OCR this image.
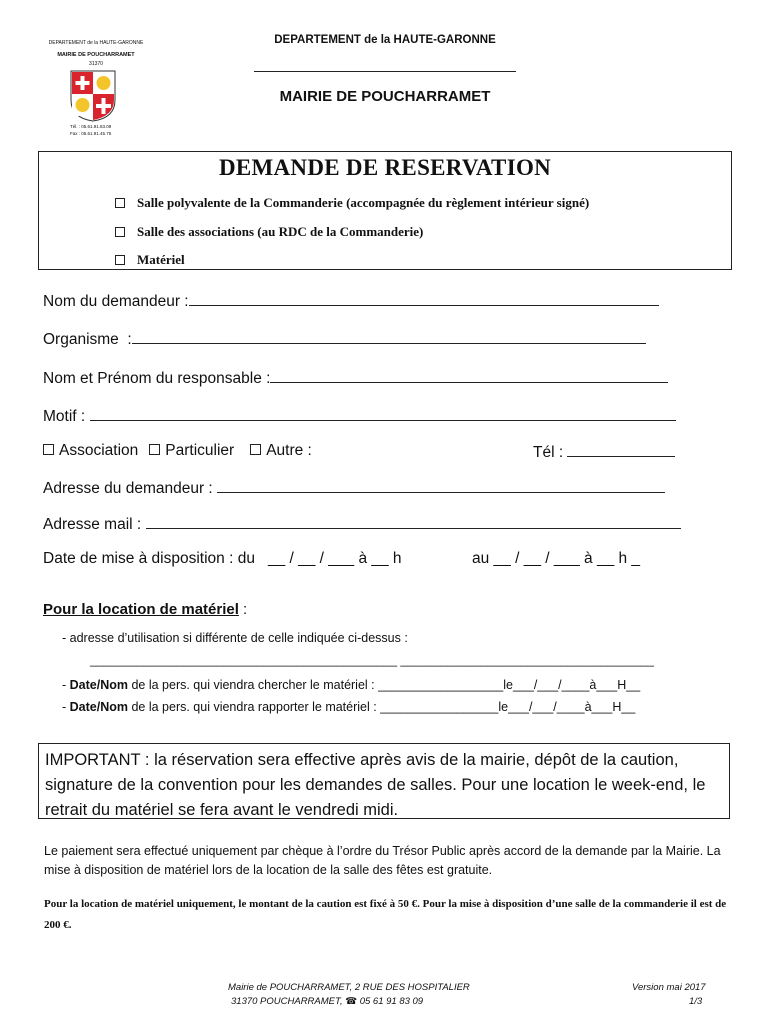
DEPARTEMENT de la HAUTE-GARONNE
MAIRIE DE POUCHARRAMET
31370
Tél. : 05.61.91.83.09
Fax : 05.61.91.45.75
DEPARTEMENT de la HAUTE-GARONNE
MAIRIE DE POUCHARRAMET
DEMANDE DE RESERVATION
Salle polyvalente de la Commanderie (accompagnée du règlement intérieur signé)
Salle des associations (au RDC de la Commanderie)
Matériel
Nom du demandeur :
Organisme  :
Nom et Prénom du responsable :
Motif :
Association Particulier Autre :	Tél :
Adresse du demandeur :
Adresse mail :
Date de mise à disposition : du __ / __ / ___ à __ h	au __ / __ / ___ à __ h _
Pour la location de matériel :
- adresse d’utilisation si différente de celle indiquée ci-dessus :
______________________________________________ ______________________________________
- Date/Nom de la pers. qui viendra chercher le matériel : __________________le___/___/____à___H__
- Date/Nom de la pers. qui viendra rapporter le matériel : _________________le___/___/____à___H__
IMPORTANT : la réservation sera effective après avis de la mairie, dépôt de la caution, signature de la convention pour les demandes de salles. Pour une location le week-end, le retrait du matériel se fera avant le vendredi midi.
Le paiement sera effectué uniquement par chèque à l’ordre du Trésor Public après accord de la demande par la Mairie. La mise à disposition de matériel lors de la location de la salle des fêtes est gratuite.
Pour la location de matériel uniquement, le montant de la caution est fixé à 50 €. Pour la mise à disposition d’une salle de la commanderie il est de 200 €.
Mairie de POUCHARRAMET, 2 RUE DES HOSPITALIER
31370 POUCHARRAMET, ☎ 05 61 91 83 09
Version mai 2017
1/3
